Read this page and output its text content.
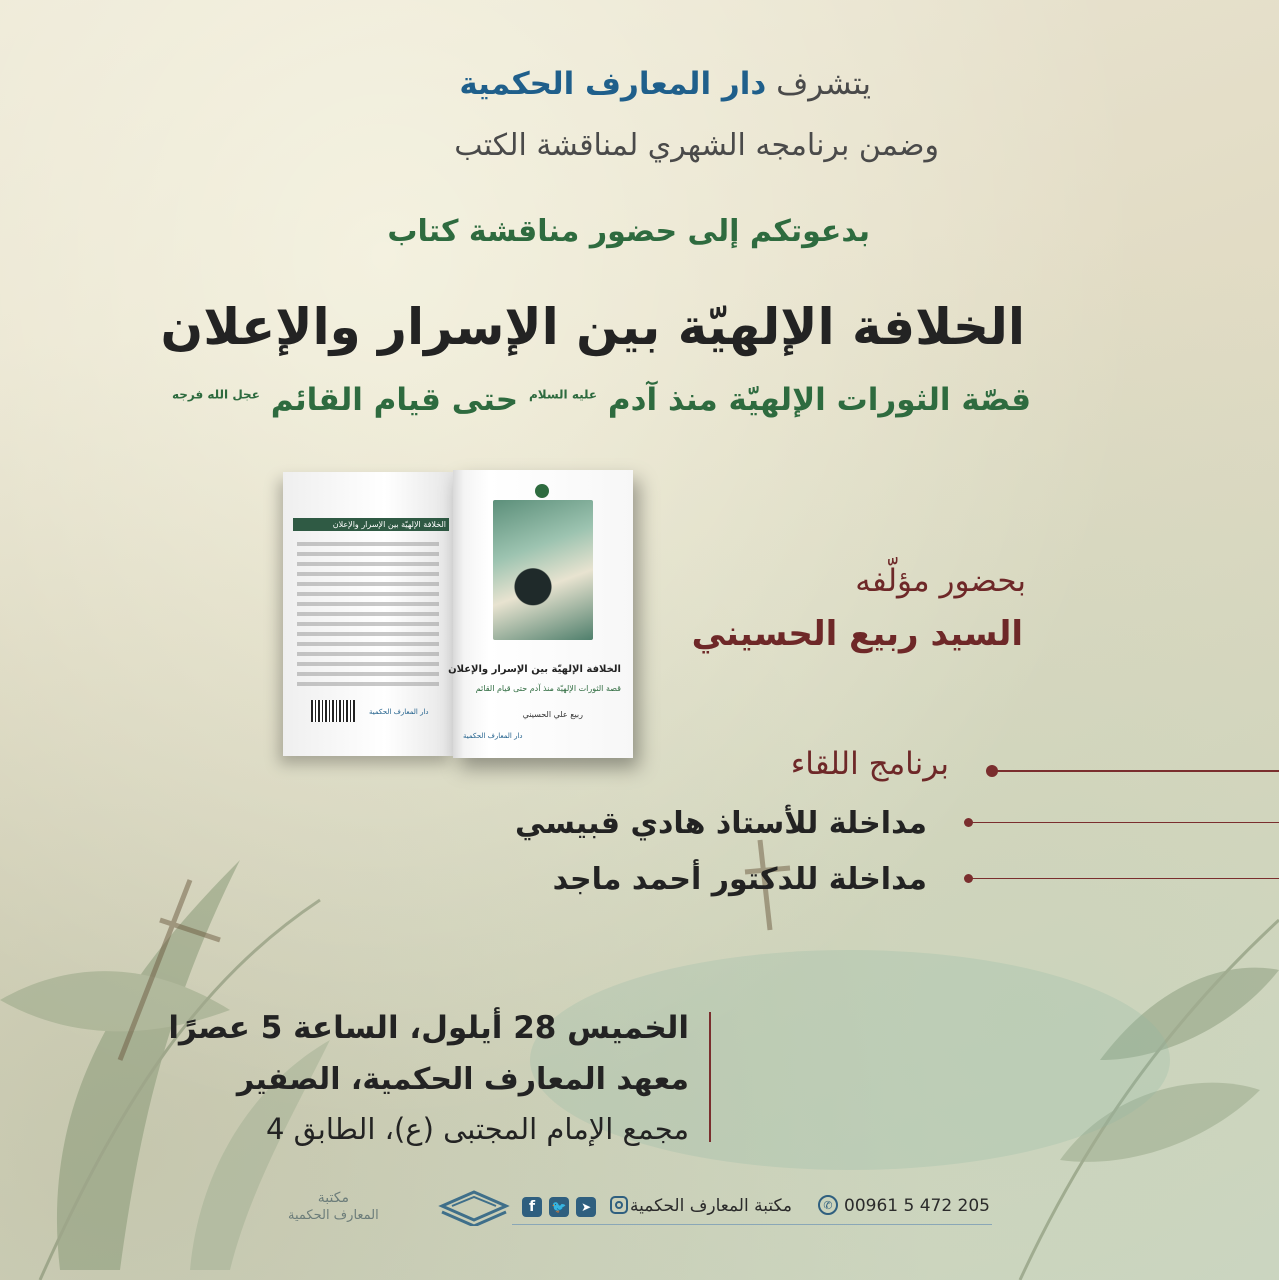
يتشرف دار المعارف الحكمية
وضمن برنامجه الشهري لمناقشة الكتب
بدعوتكم إلى حضور مناقشة كتاب
الخلافة الإلهيّة بين الإسرار والإعلان
قصّة الثورات الإلهيّة منذ آدم $^{عليه السلام}$ حتى قيام القائم $^{عجل الله فرجه}$
الخلافة الإلهيّة بين الإسرار والإعلان
دار المعارف الحكمية
الخلافة الإلهيّة بين الإسرار والإعلان
قصة الثورات الإلهيّة منذ آدم حتى قيام القائم
ربيع علي الحسيني
دار المعارف الحكمية
بحضور مؤلّفه
السيد ربيع الحسيني
برنامج اللقاء
مداخلة للأستاذ هادي قبيسي
مداخلة للدكتور أحمد ماجد
الخميس 28 أيلول، الساعة 5 عصرًا
معهد المعارف الحكمية، الصفير
مجمع الإمام المجتبى (ع)، الطابق 4
مكتبة
المعارف الحكمية
f 🐦 ➤ مكتبة المعارف الحكمية	✆ 00961 5 472 205
